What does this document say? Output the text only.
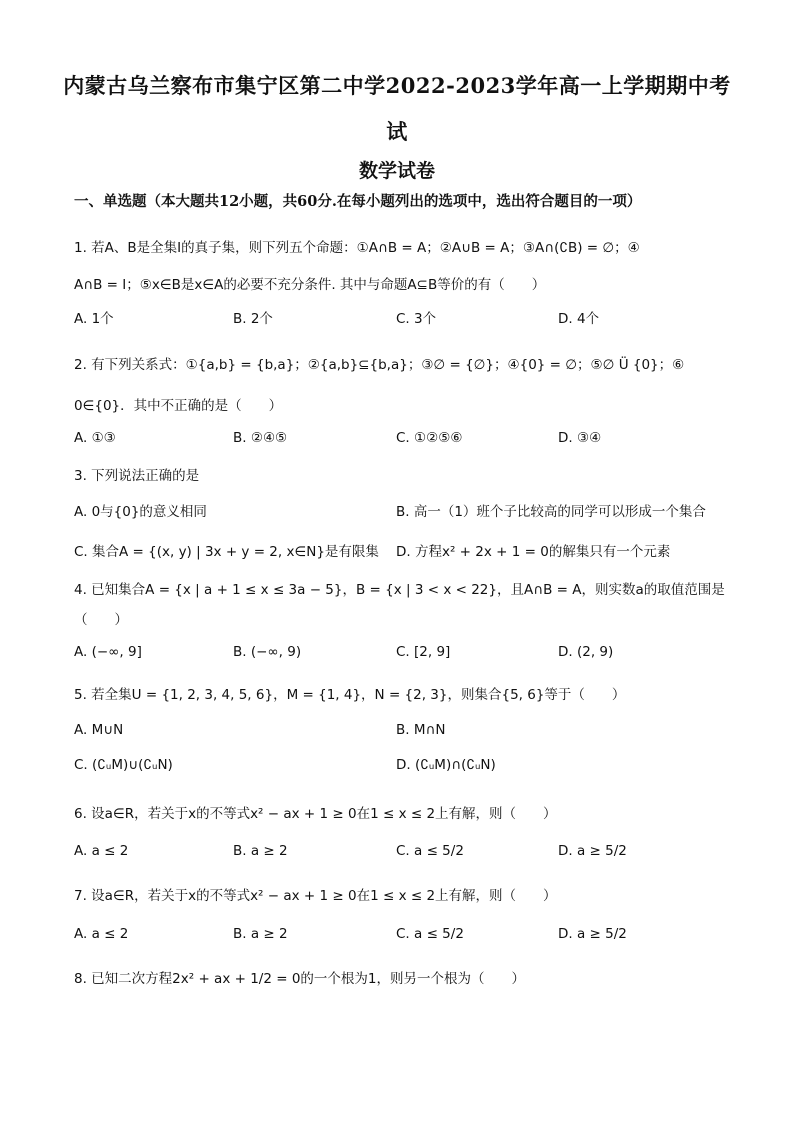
内蒙古乌兰察布市集宁区第二中学2022-2023学年高一上学期期中考
试
数学试卷
一、单选题（本大题共12小题，共60分.在每小题列出的选项中，选出符合题目的一项）
1. 若A、B是全集I的真子集，则下列五个命题：①A∩B = A；②A∪B = A；③A∩(∁B) = ∅；④
A∩B = I；⑤x∈B是x∈A的必要不充分条件. 其中与命题A⊆B等价的有（　　）
A. 1个	B. 2个	C. 3个	D. 4个
2. 有下列关系式：①{a,b} = {b,a}；②{a,b}⊆{b,a}；③∅ = {∅}；④{0} = ∅；⑤∅ Ü {0}；⑥
0∈{0}．其中不正确的是（　　）
A. ①③	B. ②④⑤	C. ①②⑤⑥	D. ③④
3. 下列说法正确的是
A. 0与{0}的意义相同	B. 高一（1）班个子比较高的同学可以形成一个集合
C. 集合A = {(x, y) | 3x + y = 2, x∈N}是有限集 D. 方程x² + 2x + 1 = 0的解集只有一个元素
4. 已知集合A = {x | a + 1 ≤ x ≤ 3a − 5}，B = {x | 3 < x < 22}，且A∩B = A，则实数a的取值范围是
（　　）
A. (−∞, 9]	B. (−∞, 9)	C. [2, 9]	D. (2, 9)
5. 若全集U = {1, 2, 3, 4, 5, 6}，M = {1, 4}，N = {2, 3}，则集合{5, 6}等于（　　）
A. M∪N	B. M∩N
C. (∁ᵤM)∪(∁ᵤN)	D. (∁ᵤM)∩(∁ᵤN)
6. 设a∈R，若关于x的不等式x² − ax + 1 ≥ 0在1 ≤ x ≤ 2上有解，则（　　）
A. a ≤ 2	B. a ≥ 2	C. a ≤ 5/2	D. a ≥ 5/2
7. 设a∈R，若关于x的不等式x² − ax + 1 ≥ 0在1 ≤ x ≤ 2上有解，则（　　）
A. a ≤ 2	B. a ≥ 2	C. a ≤ 5/2	D. a ≥ 5/2
8. 已知二次方程2x² + ax + 1/2 = 0的一个根为1，则另一个根为（　　）
